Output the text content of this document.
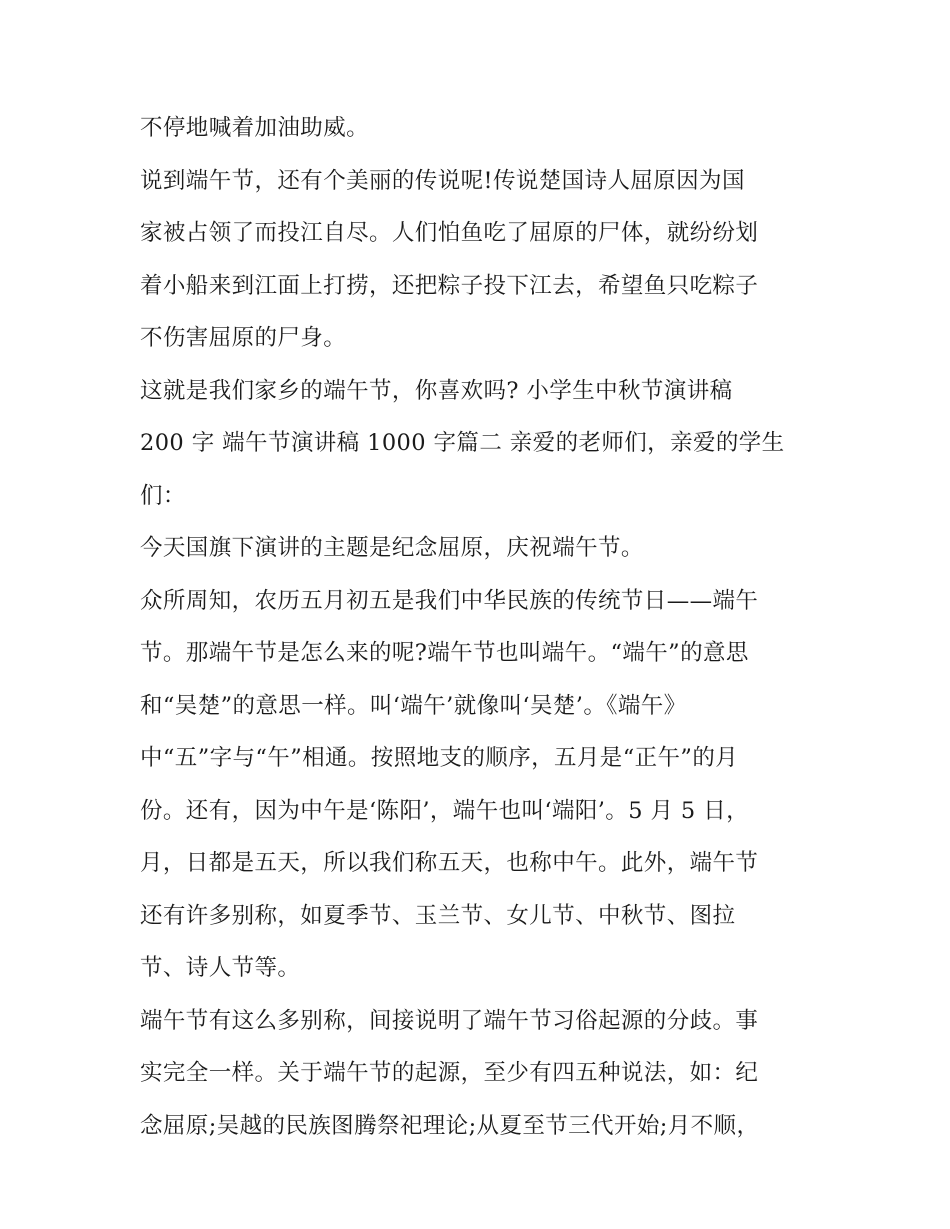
不停地喊着加油助威。
说到端午节，还有个美丽的传说呢!传说楚国诗人屈原因为国
家被占领了而投江自尽。人们怕鱼吃了屈原的尸体，就纷纷划
着小船来到江面上打捞，还把粽子投下江去，希望鱼只吃粽子
不伤害屈原的尸身。
这就是我们家乡的端午节，你喜欢吗? 小学生中秋节演讲稿
200 字 端午节演讲稿 1000 字篇二 亲爱的老师们，亲爱的学生
们：
今天国旗下演讲的主题是纪念屈原，庆祝端午节。
众所周知，农历五月初五是我们中华民族的传统节日——端午
节。那端午节是怎么来的呢?端午节也叫端午。“端午”的意思
和“吴楚”的意思一样。叫‘端午’就像叫‘吴楚’。《端午》
中“五”字与“午”相通。按照地支的顺序，五月是“正午”的月
份。还有，因为中午是‘陈阳’，端午也叫‘端阳’。5 月 5 日，
月，日都是五天，所以我们称五天，也称中午。此外，端午节
还有许多别称，如夏季节、玉兰节、女儿节、中秋节、图拉
节、诗人节等。
端午节有这么多别称，间接说明了端午节习俗起源的分歧。事
实完全一样。关于端午节的起源，至少有四五种说法，如：纪
念屈原;吴越的民族图腾祭祀理论;从夏至节三代开始;月不顺，
